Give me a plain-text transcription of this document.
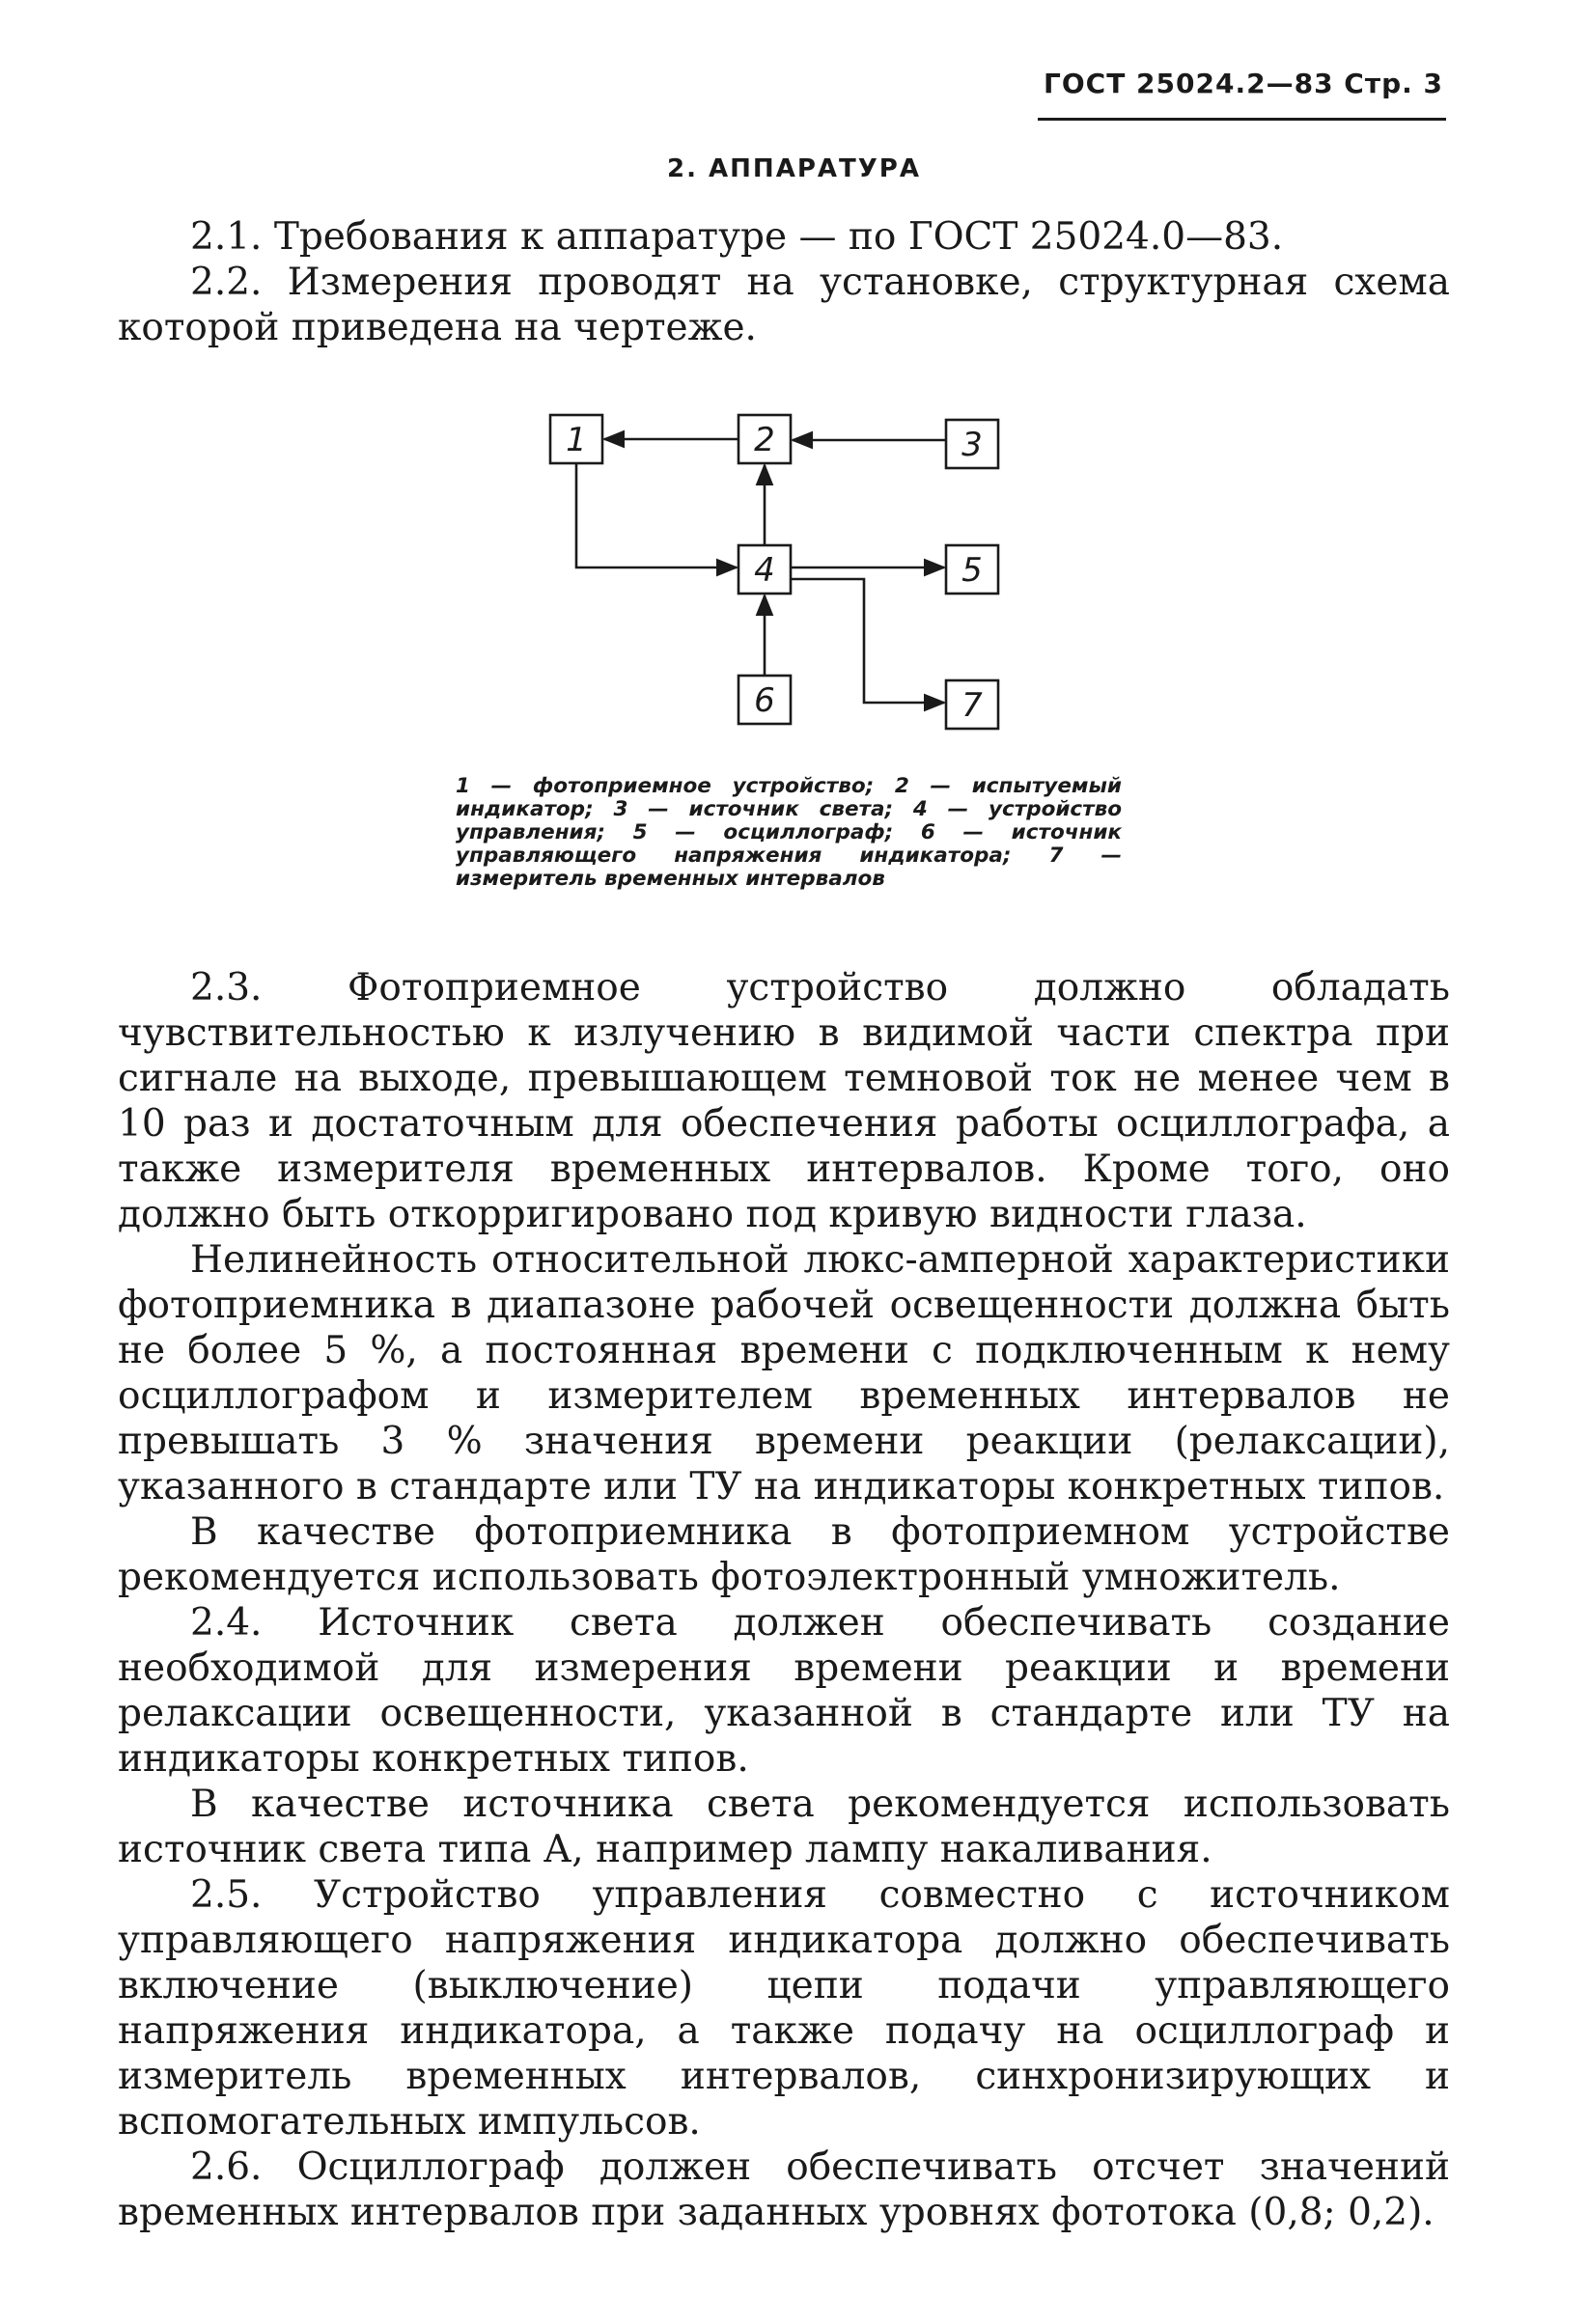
ГОСТ 25024.2—83 Стр. 3
2. АППАРАТУРА

2.1. Требования к аппаратуре — по ГОСТ 25024.0—83.

2.2. Измерения проводят на установке, структурная схема которой приведена на чертеже.

1	2	3
4	5
6	7

1 — фотоприемное устройство; 2 — испытуемый индикатор; 3 — источник света; 4 — устройство управления; 5 — осциллограф; 6 — источник управляющего напряжения индикатора; 7 — измеритель временных интервалов

2.3. Фотоприемное устройство должно обладать чувствительностью к излучению в видимой части спектра при сигнале на выходе, превышающем темновой ток не менее чем в 10 раз и достаточным для обеспечения работы осциллографа, а также измерителя временных интервалов. Кроме того, оно должно быть откорригировано под кривую видности глаза.

Нелинейность относительной люкс-амперной характеристики фотоприемника в диапазоне рабочей освещенности должна быть не более 5 %, а постоянная времени с подключенным к нему осциллографом и измерителем временных интервалов не превышать 3 % значения времени реакции (релаксации), указанного в стандарте или ТУ на индикаторы конкретных типов.

В качестве фотоприемника в фотоприемном устройстве рекомендуется использовать фотоэлектронный умножитель.

2.4. Источник света должен обеспечивать создание необходимой для измерения времени реакции и времени релаксации освещенности, указанной в стандарте или ТУ на индикаторы конкретных типов.

В качестве источника света рекомендуется использовать источник света типа А, например лампу накаливания.

2.5. Устройство управления совместно с источником управляющего напряжения индикатора должно обеспечивать включение (выключение) цепи подачи управляющего напряжения индикатора, а также подачу на осциллограф и измеритель временных интервалов, синхронизирующих и вспомогательных импульсов.

2.6. Осциллограф должен обеспечивать отсчет значений временных интервалов при заданных уровнях фототока (0,8; 0,2).
